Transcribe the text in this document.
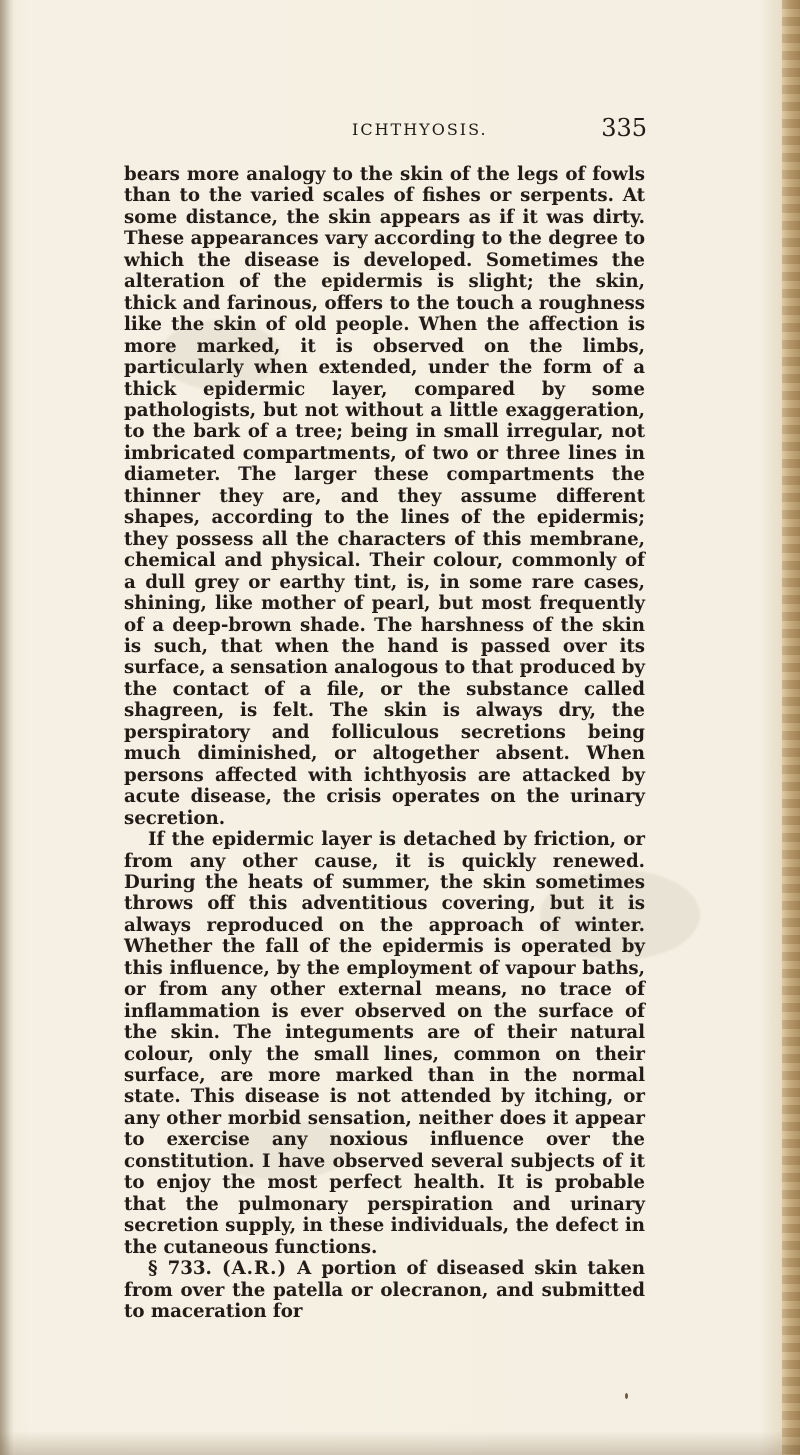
ICHTHYOSIS.	335

bears more analogy to the skin of the legs of fowls than to the varied scales of fishes or serpents. At some distance, the skin appears as if it was dirty. These appearances vary according to the degree to which the disease is developed. Sometimes the alteration of the epidermis is slight; the skin, thick and farinous, offers to the touch a roughness like the skin of old people. When the affection is more marked, it is observed on the limbs, particularly when extended, under the form of a thick epidermic layer, compared by some pathologists, but not without a little exaggeration, to the bark of a tree; being in small irregular, not imbricated compartments, of two or three lines in diameter. The larger these compartments the thinner they are, and they assume different shapes, according to the lines of the epidermis; they possess all the characters of this membrane, chemical and physical. Their colour, commonly of a dull grey or earthy tint, is, in some rare cases, shining, like mother of pearl, but most frequently of a deep-brown shade. The harshness of the skin is such, that when the hand is passed over its surface, a sensation analogous to that produced by the contact of a file, or the substance called shagreen, is felt. The skin is always dry, the perspiratory and folliculous secretions being much diminished, or altogether absent. When persons affected with ichthyosis are attacked by acute disease, the crisis operates on the urinary secretion.

If the epidermic layer is detached by friction, or from any other cause, it is quickly renewed. During the heats of summer, the skin sometimes throws off this adventitious covering, but it is always reproduced on the approach of winter. Whether the fall of the epidermis is operated by this influence, by the employment of vapour baths, or from any other external means, no trace of inflammation is ever observed on the surface of the skin. The integuments are of their natural colour, only the small lines, common on their surface, are more marked than in the normal state. This disease is not attended by itching, or any other morbid sensation, neither does it appear to exercise any noxious influence over the constitution. I have observed several subjects of it to enjoy the most perfect health. It is probable that the pulmonary perspiration and urinary secretion supply, in these individuals, the defect in the cutaneous functions.

§ 733. (A.R.) A portion of diseased skin taken from over the patella or olecranon, and submitted to maceration for
